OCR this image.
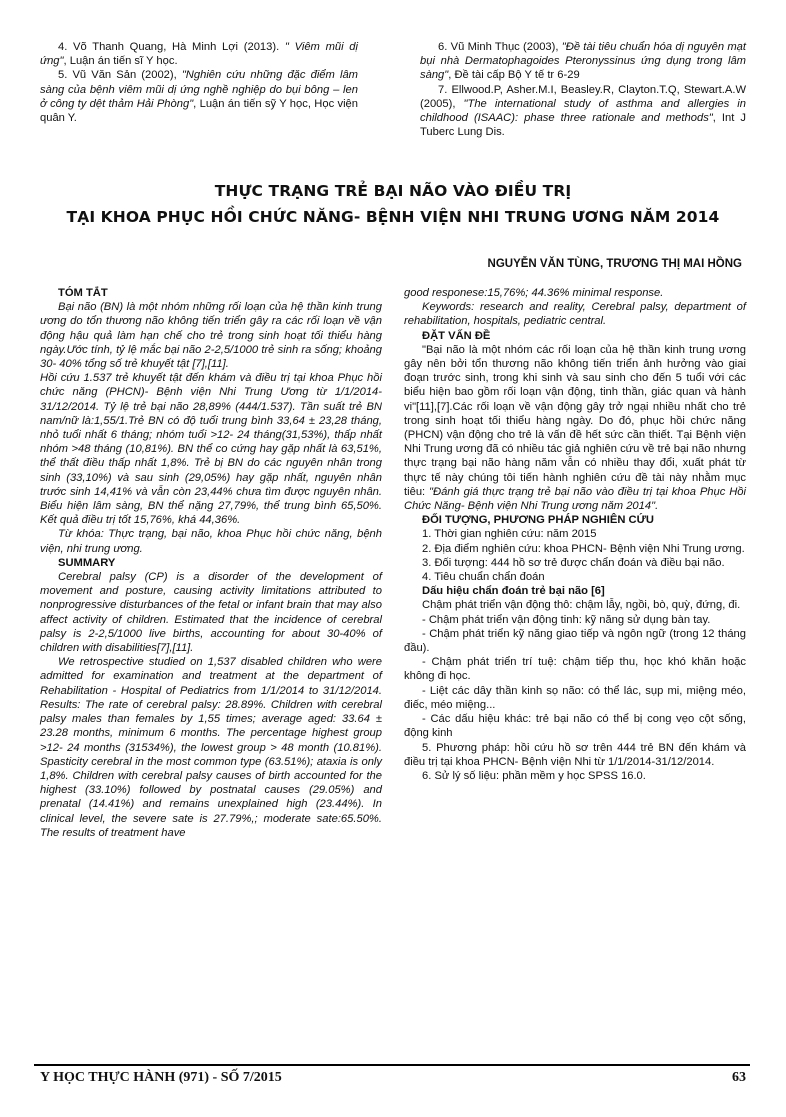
4. Võ Thanh Quang, Hà Minh Lợi (2013). " Viêm mũi dị ứng", Luận án tiến sĩ Y học.

5. Vũ Văn Sản (2002), "Nghiên cứu những đặc điểm lâm sàng của bệnh viêm mũi dị ứng nghề nghiệp do bụi bông – len ở công ty dệt thảm Hải Phòng", Luận án tiến sỹ Y học, Học viện quân Y.

6. Vũ Minh Thục (2003), "Đề tài tiêu chuẩn hóa dị nguyên mạt bụi nhà Dermatophagoides Pteronyssinus ứng dụng trong lâm sàng", Đề tài cấp Bộ Y tế tr 6-29

7. Ellwood.P, Asher.M.I, Beasley.R, Clayton.T.Q, Stewart.A.W (2005), "The international study of asthma and allergies in childhood (ISAAC): phase three rationale and methods", Int J Tuberc Lung Dis.

THỰC TRẠNG TRẺ BẠI NÃO VÀO ĐIỀU TRỊ
TẠI KHOA PHỤC HỒI CHỨC NĂNG- BỆNH VIỆN NHI TRUNG ƯƠNG NĂM 2014
NGUYỄN VĂN TÙNG, TRƯƠNG THỊ MAI HỒNG

TÓM TẮT

Bại não (BN) là một nhóm những rối loạn của hệ thần kinh trung ương do tổn thương não không tiến triển gây ra các rối loạn về vận động hậu quả làm hạn chế cho trẻ trong sinh hoạt tối thiểu hàng ngày.Ước tính, tỷ lệ mắc bại não 2-2,5/1000 trẻ sinh ra sống; khoảng 30- 40% tổng số trẻ khuyết tật [7],[11].

Hồi cứu 1.537 trẻ khuyết tật đến khám và điều trị tại khoa Phục hồi chức năng (PHCN)- Bệnh viện Nhi Trung Ương từ 1/1/2014-31/12/2014. Tỷ lệ trẻ bại não 28,89% (444/1.537). Tần suất trẻ BN nam/nữ là:1,55/1.Trẻ BN có độ tuổi trung bình 33,64 ± 23,28 tháng, nhỏ tuổi nhất 6 tháng; nhóm tuổi >12- 24 tháng(31,53%), thấp nhất nhóm >48 tháng (10,81%). BN thể co cứng hay gặp nhất là 63,51%, thể thất điều thấp nhất 1,8%. Trẻ bị BN do các nguyên nhân trong sinh (33,10%) và sau sinh (29,05%) hay gặp nhất, nguyên nhân trước sinh 14,41% và vẫn còn 23,44% chưa tìm được nguyên nhân. Biểu hiện lâm sàng, BN thể nặng 27,79%, thể trung bình 65,50%. Kết quả điều trị tốt 15,76%, khá 44,36%.

Từ khóa: Thực trạng, bại não, khoa Phục hồi chức năng, bệnh viện, nhi trung ương.

SUMMARY

Cerebral palsy (CP) is a disorder of the development of movement and posture, causing activity limitations attributed to nonprogressive disturbances of the fetal or infant brain that may also affect activity of children. Estimated that the incidence of cerebral palsy is 2-2,5/1000 live births, accounting for about 30-40% of children with disabilities[7],[11].

We retrospective studied on 1,537 disabled children who were admitted for examination and treatment at the department of Rehabilitation - Hospital of Pediatrics from 1/1/2014 to 31/12/2014. Results: The rate of cerebral palsy: 28.89%. Children with cerebral palsy males than females by 1,55 times; average aged: 33.64 ± 23.28 months, minimum 6 months. The percentage highest group >12- 24 months (31534%), the lowest group > 48 month (10.81%). Spasticity cerebral in the most common type (63.51%); ataxia is only 1,8%. Children with cerebral palsy causes of birth accounted for the highest (33.10%) followed by postnatal causes (29.05%) and prenatal (14.41%) and remains unexplained high (23.44%). In clinical level, the severe sate is 27.79%,; moderate sate:65.50%. The results of treatment have

good responese:15,76%; 44.36% minimal response.

Keywords: research and reality, Cerebral palsy, department of rehabilitation, hospitals, pediatric central.

ĐẶT VẤN ĐỀ

"Bại não là một nhóm các rối loạn của hệ thần kinh trung ương gây nên bởi tổn thương não không tiến triển ảnh hưởng vào giai đoạn trước sinh, trong khi sinh và sau sinh cho đến 5 tuổi với các biểu hiện bao gồm rối loạn vận động, tinh thần, giác quan và hành vi"[11],[7].Các rối loạn về vận động gây trở ngại nhiều nhất cho trẻ trong sinh hoạt tối thiểu hàng ngày. Do đó, phục hồi chức năng (PHCN) vận động cho trẻ là vấn đề hết sức cần thiết. Tại Bệnh viện Nhi Trung ương đã có nhiều tác giả nghiên cứu về trẻ bại não nhưng thực trạng bại não hàng năm vẫn có nhiều thay đổi, xuất phát từ thực tế này chúng tôi tiến hành nghiên cứu đề tài này nhằm mục tiêu: "Đánh giá thực trạng trẻ bại não vào điều trị tại khoa Phục Hồi Chức Năng- Bệnh viện Nhi Trung ương năm 2014".

ĐỐI TƯỢNG, PHƯƠNG PHÁP NGHIÊN CỨU

1. Thời gian nghiên cứu: năm 2015

2. Địa điểm nghiên cứu: khoa PHCN- Bệnh viện Nhi Trung ương.

3. Đối tượng: 444 hồ sơ trẻ được chẩn đoán và điều bại não.

4. Tiêu chuẩn chẩn đoán

Dấu hiệu chẩn đoán trẻ bại não [6]

Chậm phát triển vận động thô: chậm lẫy, ngồi, bò, quỳ, đứng, đi.

- Chậm phát triển vận động tinh: kỹ năng sử dụng bàn tay.

- Chậm phát triển kỹ năng giao tiếp và ngôn ngữ (trong 12 tháng đầu).

- Chậm phát triển trí tuệ: chậm tiếp thu, học khó khăn hoặc không đi học.

- Liệt các dây thần kinh sọ não: có thể lác, sụp mi, miệng méo, điếc, méo miệng...

- Các dấu hiệu khác: trẻ bại não có thể bị cong vẹo cột sống, động kinh

5. Phương pháp: hồi cứu hồ sơ trên 444 trẻ BN đến khám và điều trị tại khoa PHCN- Bệnh viện Nhi từ 1/1/2014-31/12/2014.

6. Sử lý số liệu: phần mềm y học SPSS 16.0.

Y HỌC THỰC HÀNH (971) - SỐ 7/2015	63
